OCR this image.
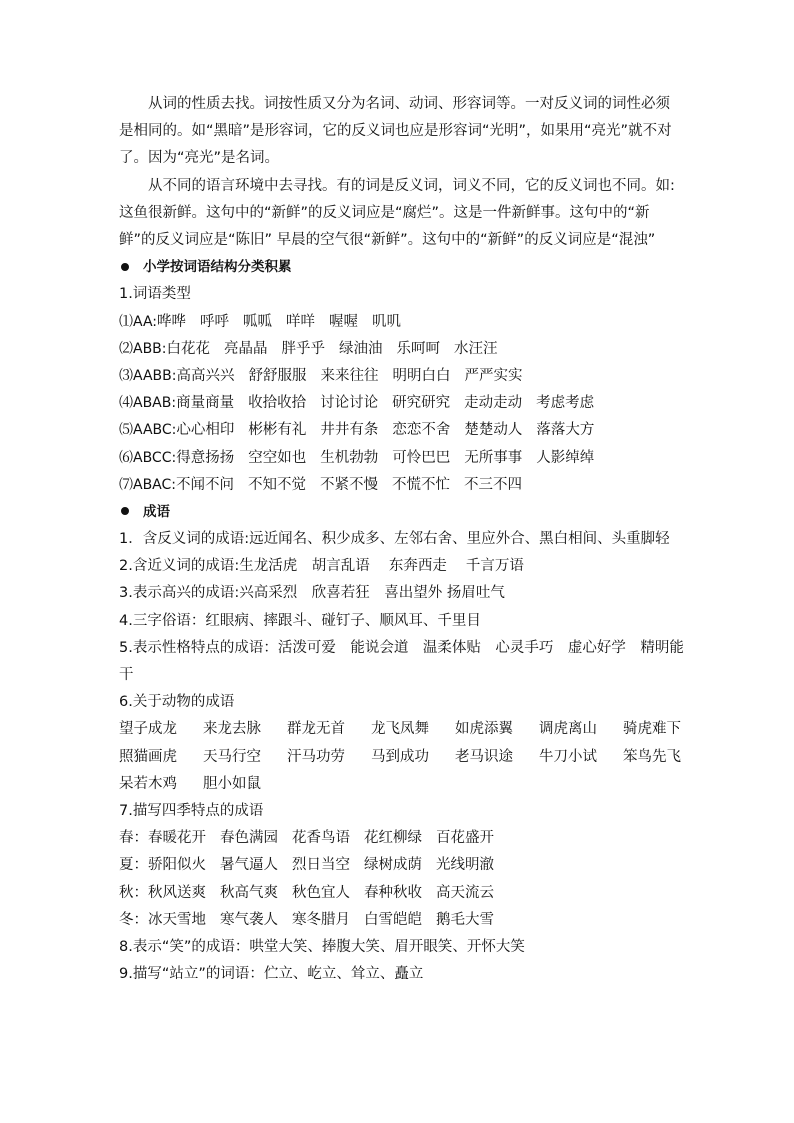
从词的性质去找。词按性质又分为名词、动词、形容词等。一对反义词的词性必须是相同的。如“黑暗”是形容词，它的反义词也应是形容词“光明”，如果用“亮光”就不对了。因为“亮光”是名词。
从不同的语言环境中去寻找。有的词是反义词，词义不同，它的反义词也不同。如: 这鱼很新鲜。这句中的“新鲜”的反义词应是“腐烂”。这是一件新鲜事。这句中的“新鲜”的反义词应是“陈旧” 早晨的空气很“新鲜”。这句中的“新鲜”的反义词应是“混浊”
小学按词语结构分类积累
1.词语类型
⑴AA:哗哗 呼呼 呱呱 咩咩 喔喔 叽叽
⑵ABB:白花花 亮晶晶 胖乎乎 绿油油 乐呵呵 水汪汪
⑶AABB:高高兴兴 舒舒服服 来来往往 明明白白 严严实实
⑷ABAB:商量商量 收拾收拾 讨论讨论 研究研究 走动走动 考虑考虑
⑸AABC:心心相印 彬彬有礼 井井有条 恋恋不舍 楚楚动人 落落大方
⑹ABCC:得意扬扬 空空如也 生机勃勃 可怜巴巴 无所事事 人影绰绰
⑺ABAC:不闻不问 不知不觉 不紧不慢 不慌不忙 不三不四
成语
1．含反义词的成语:远近闻名、积少成多、左邻右舍、里应外合、黑白相间、头重脚轻
2.含近义词的成语:生龙活虎　胡言乱语　 东奔西走　 千言万语
3.表示高兴的成语:兴高采烈　欣喜若狂　喜出望外 扬眉吐气
4.三字俗语：红眼病、摔跟斗、碰钉子、顺风耳、千里目
5.表示性格特点的成语：活泼可爱　能说会道　温柔体贴　心灵手巧　虚心好学　精明能干
6.关于动物的成语
望子成龙	来龙去脉	群龙无首	龙飞凤舞	如虎添翼	调虎离山	骑虎难下
照猫画虎	天马行空	汗马功劳	马到成功	老马识途	牛刀小试	笨鸟先飞
呆若木鸡	胆小如鼠
7.描写四季特点的成语
春：春暖花开 春色满园 花香鸟语 花红柳绿 百花盛开
夏：骄阳似火 暑气逼人 烈日当空 绿树成荫 光线明澈
秋：秋风送爽 秋高气爽 秋色宜人 春种秋收 高天流云
冬：冰天雪地 寒气袭人 寒冬腊月 白雪皑皑 鹅毛大雪
8.表示“笑”的成语：哄堂大笑、捧腹大笑、眉开眼笑、开怀大笑
9.描写“站立”的词语：伫立、屹立、耸立、矗立
